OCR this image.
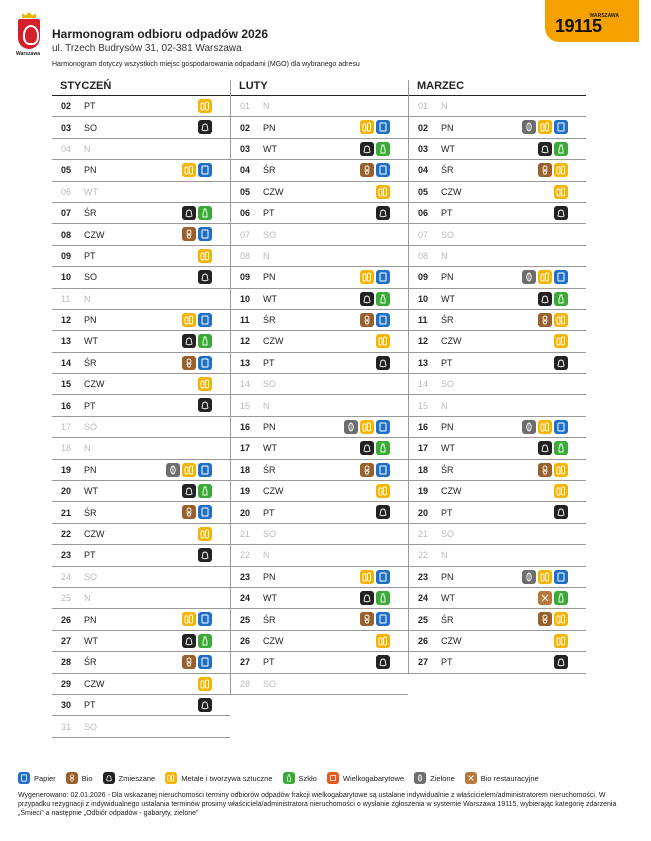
Warszawa
Harmonogram odbioru odpadów 2026
ul. Trzech Budrysów 31, 02-381 Warszawa
Harmonogram dotyczy wszystkich miejsc gospodarowania odpadami (MGO) dla wybranego adresu
WARSZAWA
19115
STYCZEŃ
02	PT
03	SO
04	N
05	PN
06	WT
07	ŚR
08	CZW
09	PT
10	SO
11	N
12	PN
13	WT
14	ŚR
15	CZW
16	PT
17	SO
18	N
19	PN
20	WT
21	ŚR
22	CZW
23	PT
24	SO
25	N
26	PN
27	WT
28	ŚR
29	CZW
30	PT
31	SO
LUTY
01	N
02	PN
03	WT
04	ŚR
05	CZW
06	PT
07	SO
08	N
09	PN
10	WT
11	ŚR
12	CZW
13	PT
14	SO
15	N
16	PN
17	WT
18	ŚR
19	CZW
20	PT
21	SO
22	N
23	PN
24	WT
25	ŚR
26	CZW
27	PT
28	SO
MARZEC
01	N
02	PN
03	WT
04	ŚR
05	CZW
06	PT
07	SO
08	N
09	PN
10	WT
11	ŚR
12	CZW
13	PT
14	SO
15	N
16	PN
17	WT
18	ŚR
19	CZW
20	PT
21	SO
22	N
23	PN
24	WT
25	ŚR
26	CZW
27	PT
Papier	Bio	Zmieszane	Metale i tworzywa sztuczne	Szkło	Wielkogabarytowe	Zielone	Bio restauracyjne
Wygenerowano: 02.01.2026 - Dla wskazanej nieruchomości terminy odbiorów odpadów frakcji wielkogabarytowe są ustalane indywidualnie z właścicielem/administratorem nieruchomości. W przypadku rezygnacji z indywidualnego ustalania terminów prosimy właściciela/administratora nieruchomości o wysłanie zgłoszenia w systemie Warszawa 19115, wybierając kategorię zdarzenia „Śmieci” a następnie „Odbiór odpadów - gabaryty, zielone”
